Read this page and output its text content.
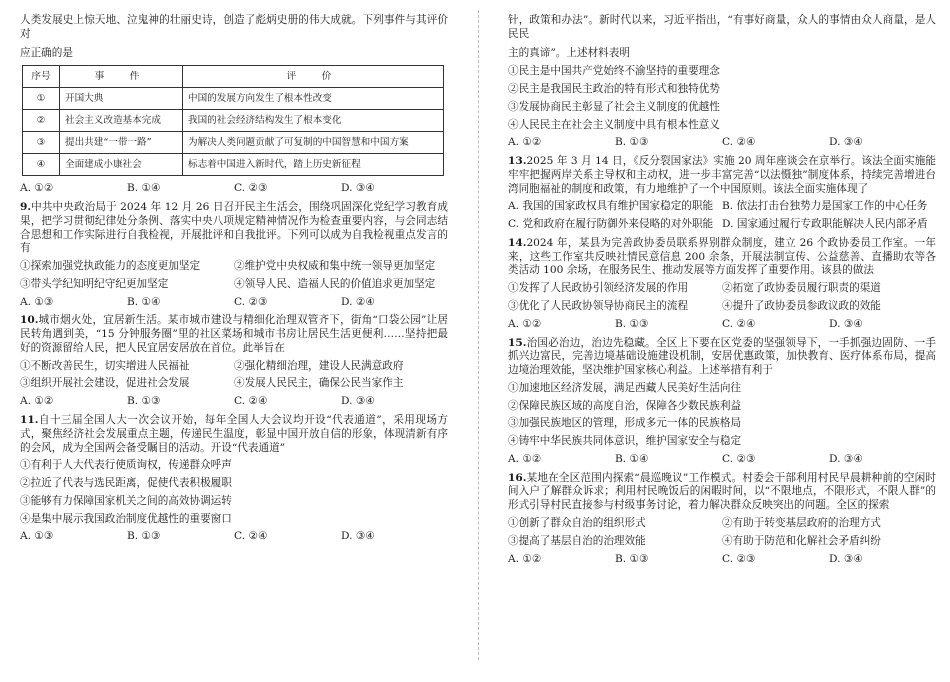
人类发展史上惊天地、泣鬼神的壮丽史诗，创造了彪炳史册的伟大成就。下列事件与其评价对

应正确的是

序号	事　件	评　价
①	开国大典	中国的发展方向发生了根本性改变
②	社会主义改造基本完成	我国的社会经济结构发生了根本变化
③	提出共建“一带一路”	为解决人类问题贡献了可复制的中国智慧和中国方案
④	全面建成小康社会	标志着中国进入新时代，踏上历史新征程
A. ①②	B. ①④	C. ②③	D. ③④

9.中共中央政治局于 2024 年 12 月 26 日召开民主生活会，围绕巩固深化党纪学习教育成果，把学习贯彻纪律处分条例、落实中央八项规定精神情况作为检查重要内容，与会同志结合思想和工作实际进行自我检视，开展批评和自我批评。下列可以成为自我检视重点发言的有

①探索加强党执政能力的态度更加坚定	②维护党中央权威和集中统一领导更加坚定
③带头学纪知明纪守纪更加坚定	④领导人民、造福人民的价值追求更加坚定
A. ①③	B. ①④	C. ②③	D. ②④

10.城市烟火处，宜居新生活。某市城市建设与精细化治理双管齐下，街角“口袋公园”让居民转角遇到美，“15 分钟服务圈”里的社区菜场和城市书房让居民生活更便利……坚持把最好的资源留给人民，把人民宜居安居放在首位。此举旨在

①不断改善民生，切实增进人民福祉	②强化精细治理，建设人民满意政府
③组织开展社会建设，促进社会发展	④发展人民民主，确保公民当家作主
A. ①②	B. ①③	C. ②④	D. ③④

11.自十三届全国人大一次会议开始，每年全国人大会议均开设“代表通道”，采用现场方式，聚焦经济社会发展重点主题，传递民生温度，彰显中国开放自信的形象，体现清新有序的会风，成为全国两会备受瞩目的活动。开设“代表通道”

①有利于人大代表行使质询权，传递群众呼声
②拉近了代表与选民距离，促使代表积极履职
③能够有力保障国家机关之间的高效协调运转
④是集中展示我国政治制度优越性的重要窗口
A. ①③	B. ①③	C. ②④	D. ③④

针，政策和办法”。新时代以来，习近平指出，“有事好商量，众人的事情由众人商量，是人民民

主的真谛”。上述材料表明

①民主是中国共产党始终不渝坚持的重要理念
②民主是我国民主政治的特有形式和独特优势
③发展协商民主彰显了社会主义制度的优越性
④人民民主在社会主义制度中具有根本性意义
A. ①②	B. ①③	C. ②④	D. ③④

13.2025 年 3 月 14 日，《反分裂国家法》实施 20 周年座谈会在京举行。该法全面实施能牢牢把握两岸关系主导权和主动权，进一步丰富完善“以法慑独”制度体系，持续完善增进台湾同胞福祉的制度和政策，有力地维护了一个中国原则。该法全面实施体现了

A. 我国的国家政权具有维护国家稳定的职能 B. 依法打击台独势力是国家工作的中心任务
C. 党和政府在履行防御外来侵略的对外职能 D. 国家通过履行专政职能解决人民内部矛盾

14.2024 年，某县为完善政协委员联系界别群众制度，建立 26 个政协委员工作室。一年来，这些工作室共反映社情民意信息 200 余条，开展法制宣传、公益慈善、直播助农等各类活动 100 余场，在服务民生、推动发展等方面发挥了重要作用。该县的做法

①发挥了人民政协引领经济发展的作用	②拓宽了政协委员履行职责的渠道
③优化了人民政协领导协商民主的流程	④提升了政协委员参政议政的效能
A. ①②	B. ①③	C. ②④	D. ③④

15.治国必治边，治边先稳藏。全区上下要在区党委的坚强领导下，一手抓强边固防、一手抓兴边富民，完善边境基础设施建设机制，安居优惠政策，加快教育、医疗体系布局，提高边境治理效能，坚决维护国家核心利益。上述举措有利于

①加速地区经济发展，满足西藏人民美好生活向往
②保障民族区域的高度自治，保障各少数民族利益
③加强民族地区的管理，形成多元一体的民族格局
④铸牢中华民族共同体意识，维护国家安全与稳定
A. ①②	B. ①④	C. ②③	D. ③④

16.某地在全区范围内探索“晨巡晚议”工作模式。村委会干部利用村民早晨耕种前的空闲时间入户了解群众诉求；利用村民晚饭后的闲暇时间，以“不限地点，不限形式，不限人群”的形式引导村民直接参与村级事务讨论，着力解决群众反映突出的问题。全区的探索

①创新了群众自治的组织形式	②有助于转变基层政府的治理方式
③提高了基层自治的治理效能	④有助于防范和化解社会矛盾纠纷
A. ①②	B. ①③	C. ②③	D. ③④
